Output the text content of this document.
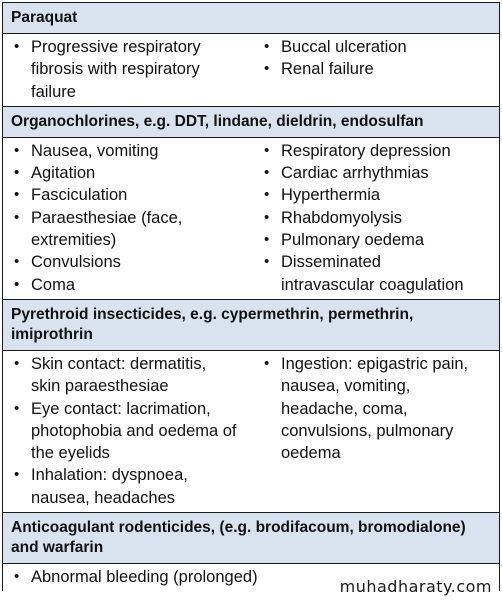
Paraquat
• Progressive respiratory fibrosis with respiratory failure
• Buccal ulceration
• Renal failure
Organochlorines, e.g. DDT, lindane, dieldrin, endosulfan
• Nausea, vomiting
• Agitation
• Fasciculation
• Paraesthesiae (face, extremities)
• Convulsions
• Coma
• Respiratory depression
• Cardiac arrhythmias
• Hyperthermia
• Rhabdomyolysis
• Pulmonary oedema
• Disseminated intravascular coagulation
Pyrethroid insecticides, e.g. cypermethrin, permethrin, imiprothrin
• Skin contact: dermatitis, skin paraesthesiae
• Eye contact: lacrimation, photophobia and oedema of the eyelids
• Inhalation: dyspnoea, nausea, headaches
• Ingestion: epigastric pain, nausea, vomiting, headache, coma, convulsions, pulmonary oedema
Anticoagulant rodenticides, (e.g. brodifacoum, bromodialone) and warfarin
• Abnormal bleeding (prolonged)	muhadharaty.com
